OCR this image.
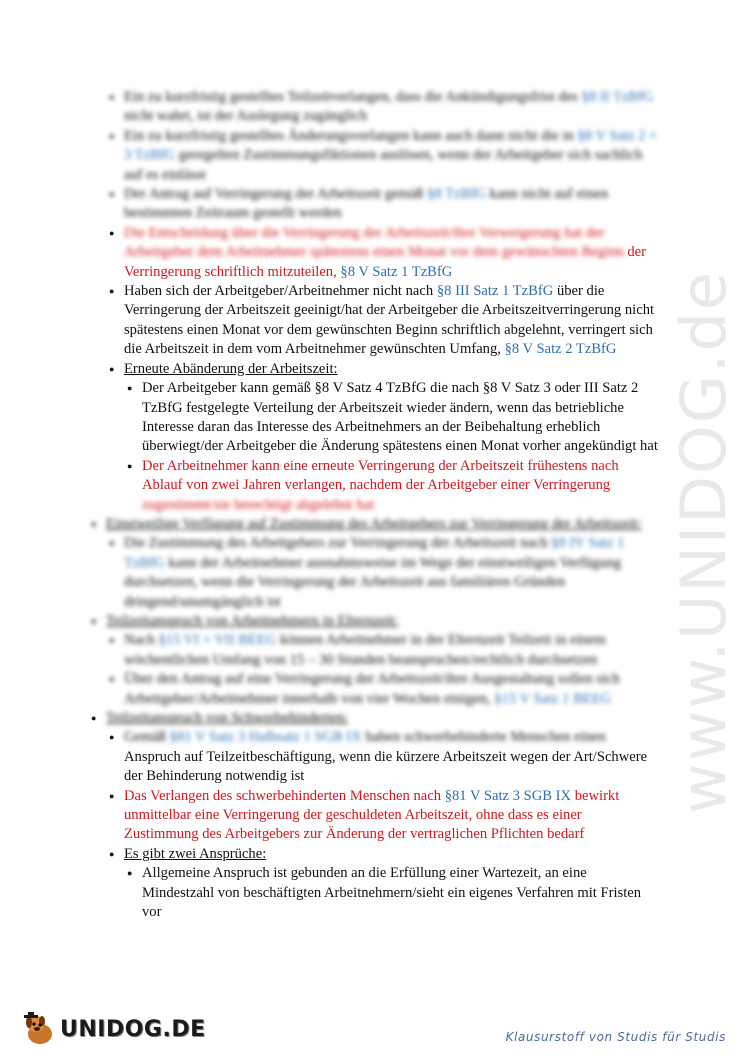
www.UNIDOG.de
● Ein zu kurzfristig gestelltes Teilzeitverlangen, dass die Ankündigungsfrist des §8 II TzBfG nicht wahrt, ist der Auslegung zugänglich
● Ein zu kurzfristig gestelltes Änderungsverlangen kann auch dann nicht die in §8 V Satz 2 + 3 TzBfG geregelten Zustimmungsfiktionen auslösen, wenn der Arbeitgeber sich sachlich auf es einlässt
● Der Antrag auf Verringerung der Arbeitszeit gemäß §8 TzBfG kann nicht auf einen bestimmten Zeitraum gestellt werden
● Die Entscheidung über die Verringerung der Arbeitszeit/ihre Verweigerung hat der Arbeitgeber dem Arbeitnehmer spätestens einen Monat vor dem gewünschten Beginn der Verringerung schriftlich mitzuteilen, §8 V Satz 1 TzBfG
● Haben sich der Arbeitgeber/Arbeitnehmer nicht nach §8 III Satz 1 TzBfG über die Verringerung der Arbeitszeit geeinigt/hat der Arbeitgeber die Arbeitszeitverringerung nicht spätestens einen Monat vor dem gewünschten Beginn schriftlich abgelehnt, verringert sich die Arbeitszeit in dem vom Arbeitnehmer gewünschten Umfang, §8 V Satz 2 TzBfG
● Erneute Abänderung der Arbeitszeit:
● Der Arbeitgeber kann gemäß §8 V Satz 4 TzBfG die nach §8 V Satz 3 oder III Satz 2 TzBfG festgelegte Verteilung der Arbeitszeit wieder ändern, wenn das betriebliche Interesse daran das Interesse des Arbeitnehmers an der Beibehaltung erheblich überwiegt/der Arbeitgeber die Änderung spätestens einen Monat vorher angekündigt hat
● Der Arbeitnehmer kann eine erneute Verringerung der Arbeitszeit frühestens nach Ablauf von zwei Jahren verlangen, nachdem der Arbeitgeber einer Verringerung zugestimmt/sie berechtigt abgelehnt hat
● Einstweilige Verfügung auf Zustimmung des Arbeitgebers zur Verringerung der Arbeitszeit:
● Die Zustimmung des Arbeitgebers zur Verringerung der Arbeitszeit nach §8 IV Satz 1 TzBfG kann der Arbeitnehmer ausnahmsweise im Wege der einstweiligen Verfügung durchsetzen, wenn die Verringerung der Arbeitszeit aus familiären Gründen dringend/unumgänglich ist
● Teilzeitanspruch von Arbeitnehmern in Elternzeit:
● Nach §15 VI + VII BEEG können Arbeitnehmer in der Elternzeit Teilzeit in einem wöchentlichen Umfang von 15 – 30 Stunden beanspruchen/rechtlich durchsetzen
● Über den Antrag auf eine Verringerung der Arbeitszeit/ihre Ausgestaltung sollen sich Arbeitgeber/Arbeitnehmer innerhalb von vier Wochen einigen, §15 V Satz 1 BEEG
● Teilzeitanspruch von Schwerbehinderten:
● Gemäß §81 V Satz 3 Halbsatz 1 SGB IX haben schwerbehinderte Menschen einen Anspruch auf Teilzeitbeschäftigung, wenn die kürzere Arbeitszeit wegen der Art/Schwere der Behinderung notwendig ist
● Das Verlangen des schwerbehinderten Menschen nach §81 V Satz 3 SGB IX bewirkt unmittelbar eine Verringerung der geschuldeten Arbeitszeit, ohne dass es einer Zustimmung des Arbeitgebers zur Änderung der vertraglichen Pflichten bedarf
● Es gibt zwei Ansprüche:
● Allgemeine Anspruch ist gebunden an die Erfüllung einer Wartezeit, an eine Mindestzahl von beschäftigten Arbeitnehmern/sieht ein eigenes Verfahren mit Fristen vor
UNIDOG.DE	Klausurstoff von Studis für Studis
